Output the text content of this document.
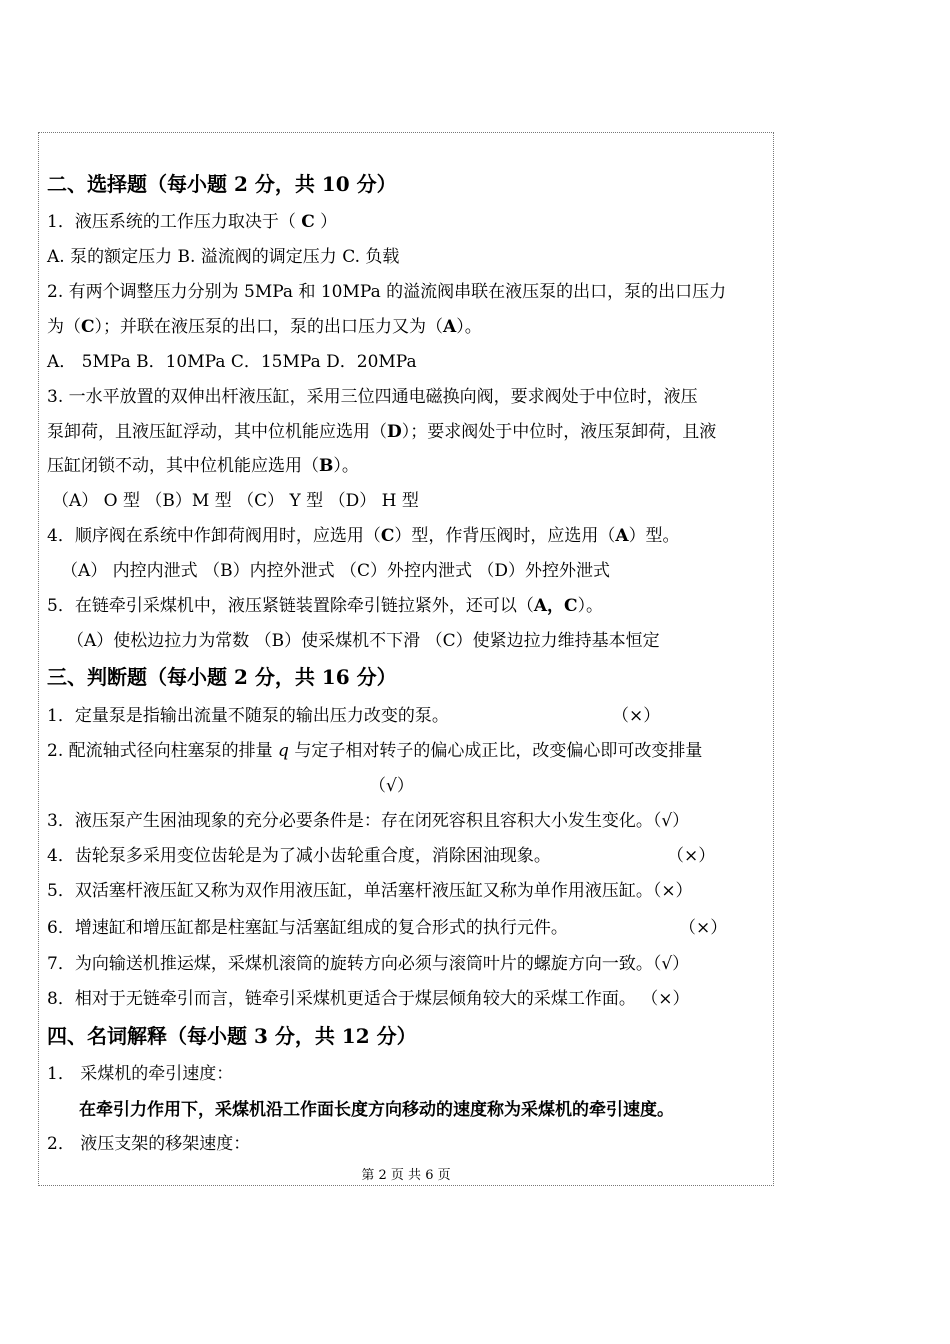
二、选择题（每小题 2 分，共 10 分）
1．液压系统的工作压力取决于（ C ）
A. 泵的额定压力 B. 溢流阀的调定压力 C. 负载
2. 有两个调整压力分别为 5MPa 和 10MPa 的溢流阀串联在液压泵的出口，泵的出口压力
为（C）；并联在液压泵的出口，泵的出口压力又为（A）。
A． 5MPa B．10MPa C．15MPa D．20MPa
3. 一水平放置的双伸出杆液压缸，采用三位四通电磁换向阀，要求阀处于中位时，液压
泵卸荷，且液压缸浮动，其中位机能应选用（D）；要求阀处于中位时，液压泵卸荷，且液
压缸闭锁不动，其中位机能应选用（B）。
（A） O 型 （B）M 型 （C） Y 型 （D） H 型
4．顺序阀在系统中作卸荷阀用时，应选用（C）型，作背压阀时，应选用（A）型。
（A） 内控内泄式 （B）内控外泄式 （C）外控内泄式 （D）外控外泄式
5．在链牵引采煤机中，液压紧链装置除牵引链拉紧外，还可以（A，C）。
（A）使松边拉力为常数 （B）使采煤机不下滑 （C）使紧边拉力维持基本恒定
三、判断题（每小题 2 分，共 16 分）
1．定量泵是指输出流量不随泵的输出压力改变的泵。	（×）
2. 配流轴式径向柱塞泵的排量 q 与定子相对转子的偏心成正比，改变偏心即可改变排量
（√）
3．液压泵产生困油现象的充分必要条件是：存在闭死容积且容积大小发生变化。（√）
4．齿轮泵多采用变位齿轮是为了减小齿轮重合度，消除困油现象。	（×）
5．双活塞杆液压缸又称为双作用液压缸，单活塞杆液压缸又称为单作用液压缸。（×）
6．增速缸和增压缸都是柱塞缸与活塞缸组成的复合形式的执行元件。	（×）
7．为向输送机推运煤，采煤机滚筒的旋转方向必须与滚筒叶片的螺旋方向一致。（√）
8．相对于无链牵引而言，链牵引采煤机更适合于煤层倾角较大的采煤工作面。 （×）
四、名词解释（每小题 3 分，共 12 分）
1． 采煤机的牵引速度：
在牵引力作用下，采煤机沿工作面长度方向移动的速度称为采煤机的牵引速度。
2． 液压支架的移架速度：
第 2 页 共 6 页
